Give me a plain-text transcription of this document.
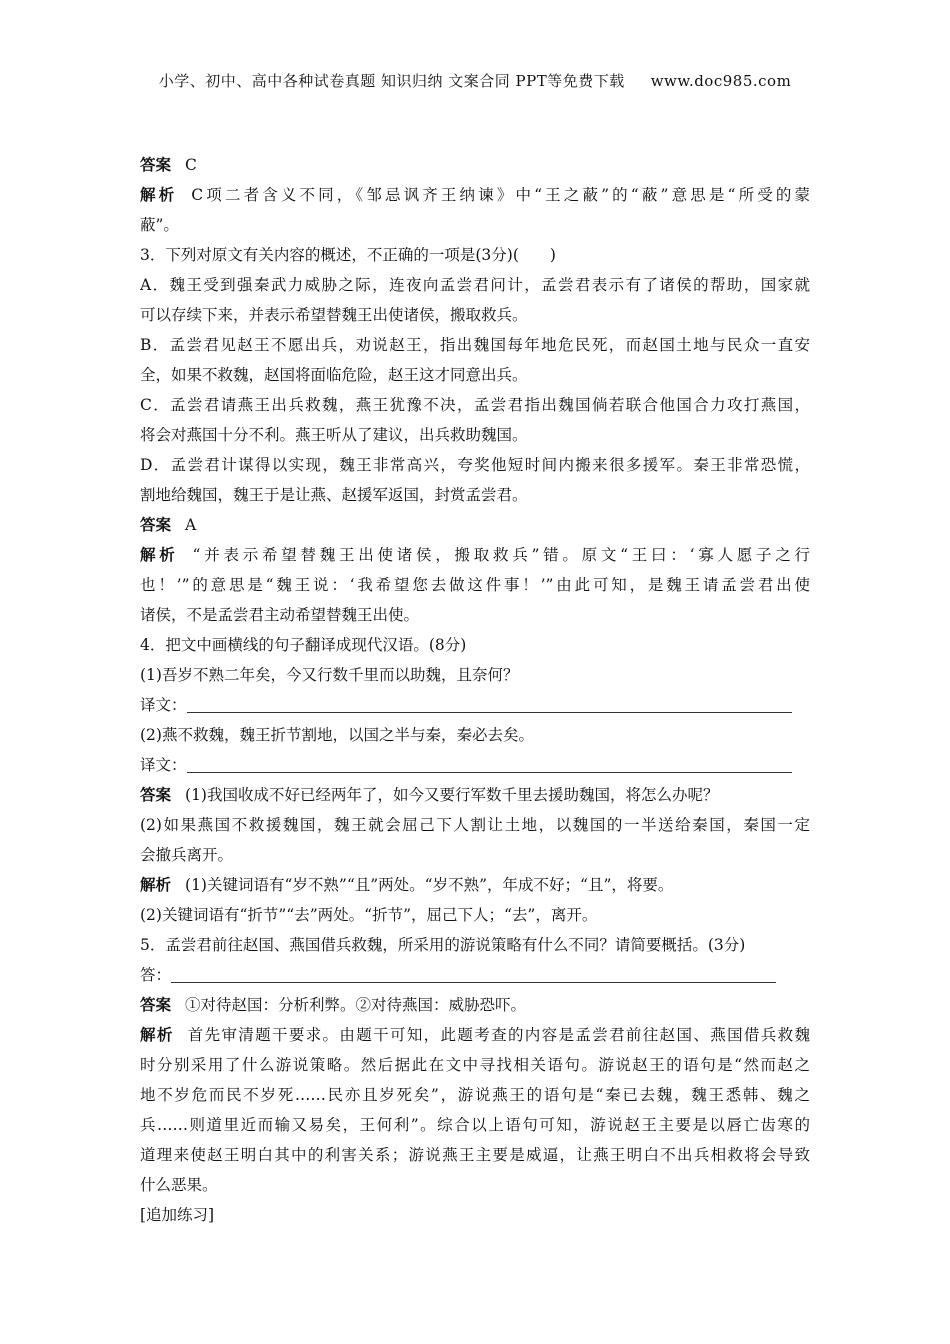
小学、初中、高中各种试卷真题 知识归纳 文案合同 PPT等免费下载 www.doc985.com
答案 C
解析 C项二者含义不同，《邹忌讽齐王纳谏》中“王之蔽”的“蔽”意思是“所受的蒙
蔽”。
3．下列对原文有关内容的概述，不正确的一项是(3分)(　　)
A．魏王受到强秦武力威胁之际，连夜向孟尝君问计，孟尝君表示有了诸侯的帮助，国家就
可以存续下来，并表示希望替魏王出使诸侯，搬取救兵。
B．孟尝君见赵王不愿出兵，劝说赵王，指出魏国每年地危民死，而赵国土地与民众一直安
全，如果不救魏，赵国将面临危险，赵王这才同意出兵。
C．孟尝君请燕王出兵救魏，燕王犹豫不决，孟尝君指出魏国倘若联合他国合力攻打燕国，
将会对燕国十分不利。燕王听从了建议，出兵救助魏国。
D．孟尝君计谋得以实现，魏王非常高兴，夸奖他短时间内搬来很多援军。秦王非常恐慌，
割地给魏国，魏王于是让燕、赵援军返国，封赏孟尝君。
答案 A
解析 “并表示希望替魏王出使诸侯，搬取救兵”错。原文“王曰：‘寡人愿子之行
也！’”的意思是“魏王说：‘我希望您去做这件事！’”由此可知，是魏王请孟尝君出使
诸侯，不是孟尝君主动希望替魏王出使。
4．把文中画横线的句子翻译成现代汉语。(8分)
(1)吾岁不熟二年矣，今又行数千里而以助魏，且奈何？
译文：
(2)燕不救魏，魏王折节割地，以国之半与秦，秦必去矣。
译文：
答案 (1)我国收成不好已经两年了，如今又要行军数千里去援助魏国，将怎么办呢？
(2)如果燕国不救援魏国，魏王就会屈己下人割让土地，以魏国的一半送给秦国，秦国一定
会撤兵离开。
解析 (1)关键词语有“岁不熟”“且”两处。“岁不熟”，年成不好；“且”，将要。
(2)关键词语有“折节”“去”两处。“折节”，屈己下人；“去”，离开。
5．孟尝君前往赵国、燕国借兵救魏，所采用的游说策略有什么不同？请简要概括。(3分)
答：
答案 ①对待赵国：分析利弊。②对待燕国：威胁恐吓。
解析 首先审清题干要求。由题干可知，此题考查的内容是孟尝君前往赵国、燕国借兵救魏
时分别采用了什么游说策略。然后据此在文中寻找相关语句。游说赵王的语句是“然而赵之
地不岁危而民不岁死……民亦且岁死矣”，游说燕王的语句是“秦已去魏，魏王悉韩、魏之
兵……则道里近而输又易矣，王何利”。综合以上语句可知，游说赵王主要是以唇亡齿寒的
道理来使赵王明白其中的利害关系；游说燕王主要是威逼，让燕王明白不出兵相救将会导致
什么恶果。
[追加练习]
